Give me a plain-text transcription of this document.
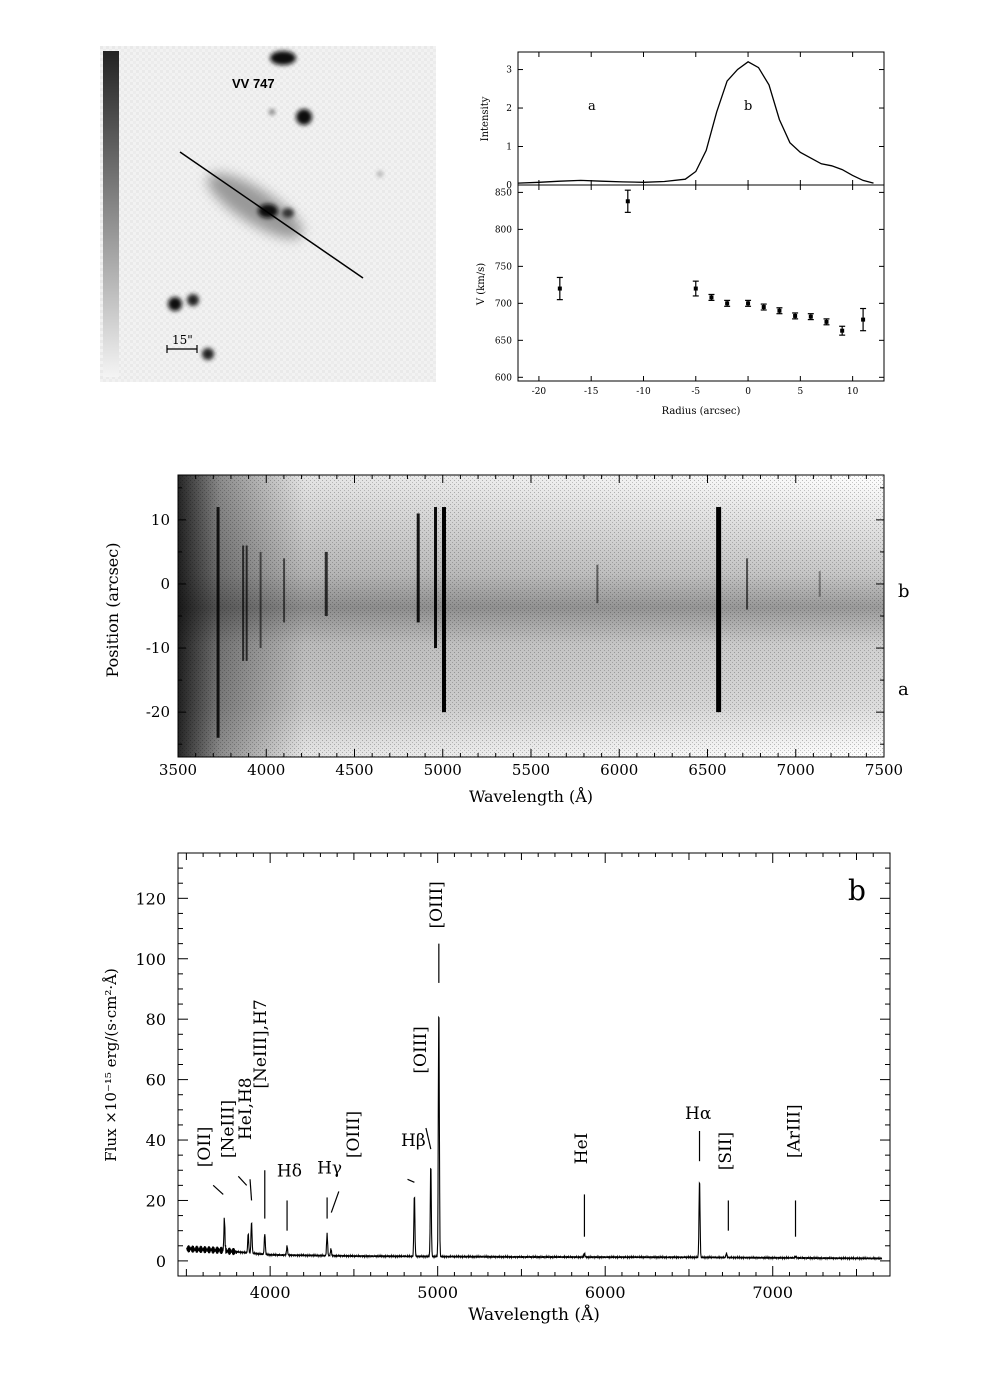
15"
VV 747
Intensity
V (km/s)
Radius (arcsec)
a	b
0
1
2
3
600
650
700
750
800
850
-20	-15	-10	-5	0	5	10
3500	4000	4500	5000	5500	6000	6500	7000	7500
10
0
-10
-20
Position (arcsec)
Wavelength (Å)
b
a
0
20
40
60
80
100
120
4000	5000	6000	7000
[OII] [NeIII]
HeI,H8
[NeIII],H7
Hδ Hγ
[OIII] Hβ
[OIII]
[OIII]
HeI
Hα
[SII]	[ArIII]
b
Flux ×10⁻¹⁵ erg/(s·cm²·Å)
Wavelength (Å)
